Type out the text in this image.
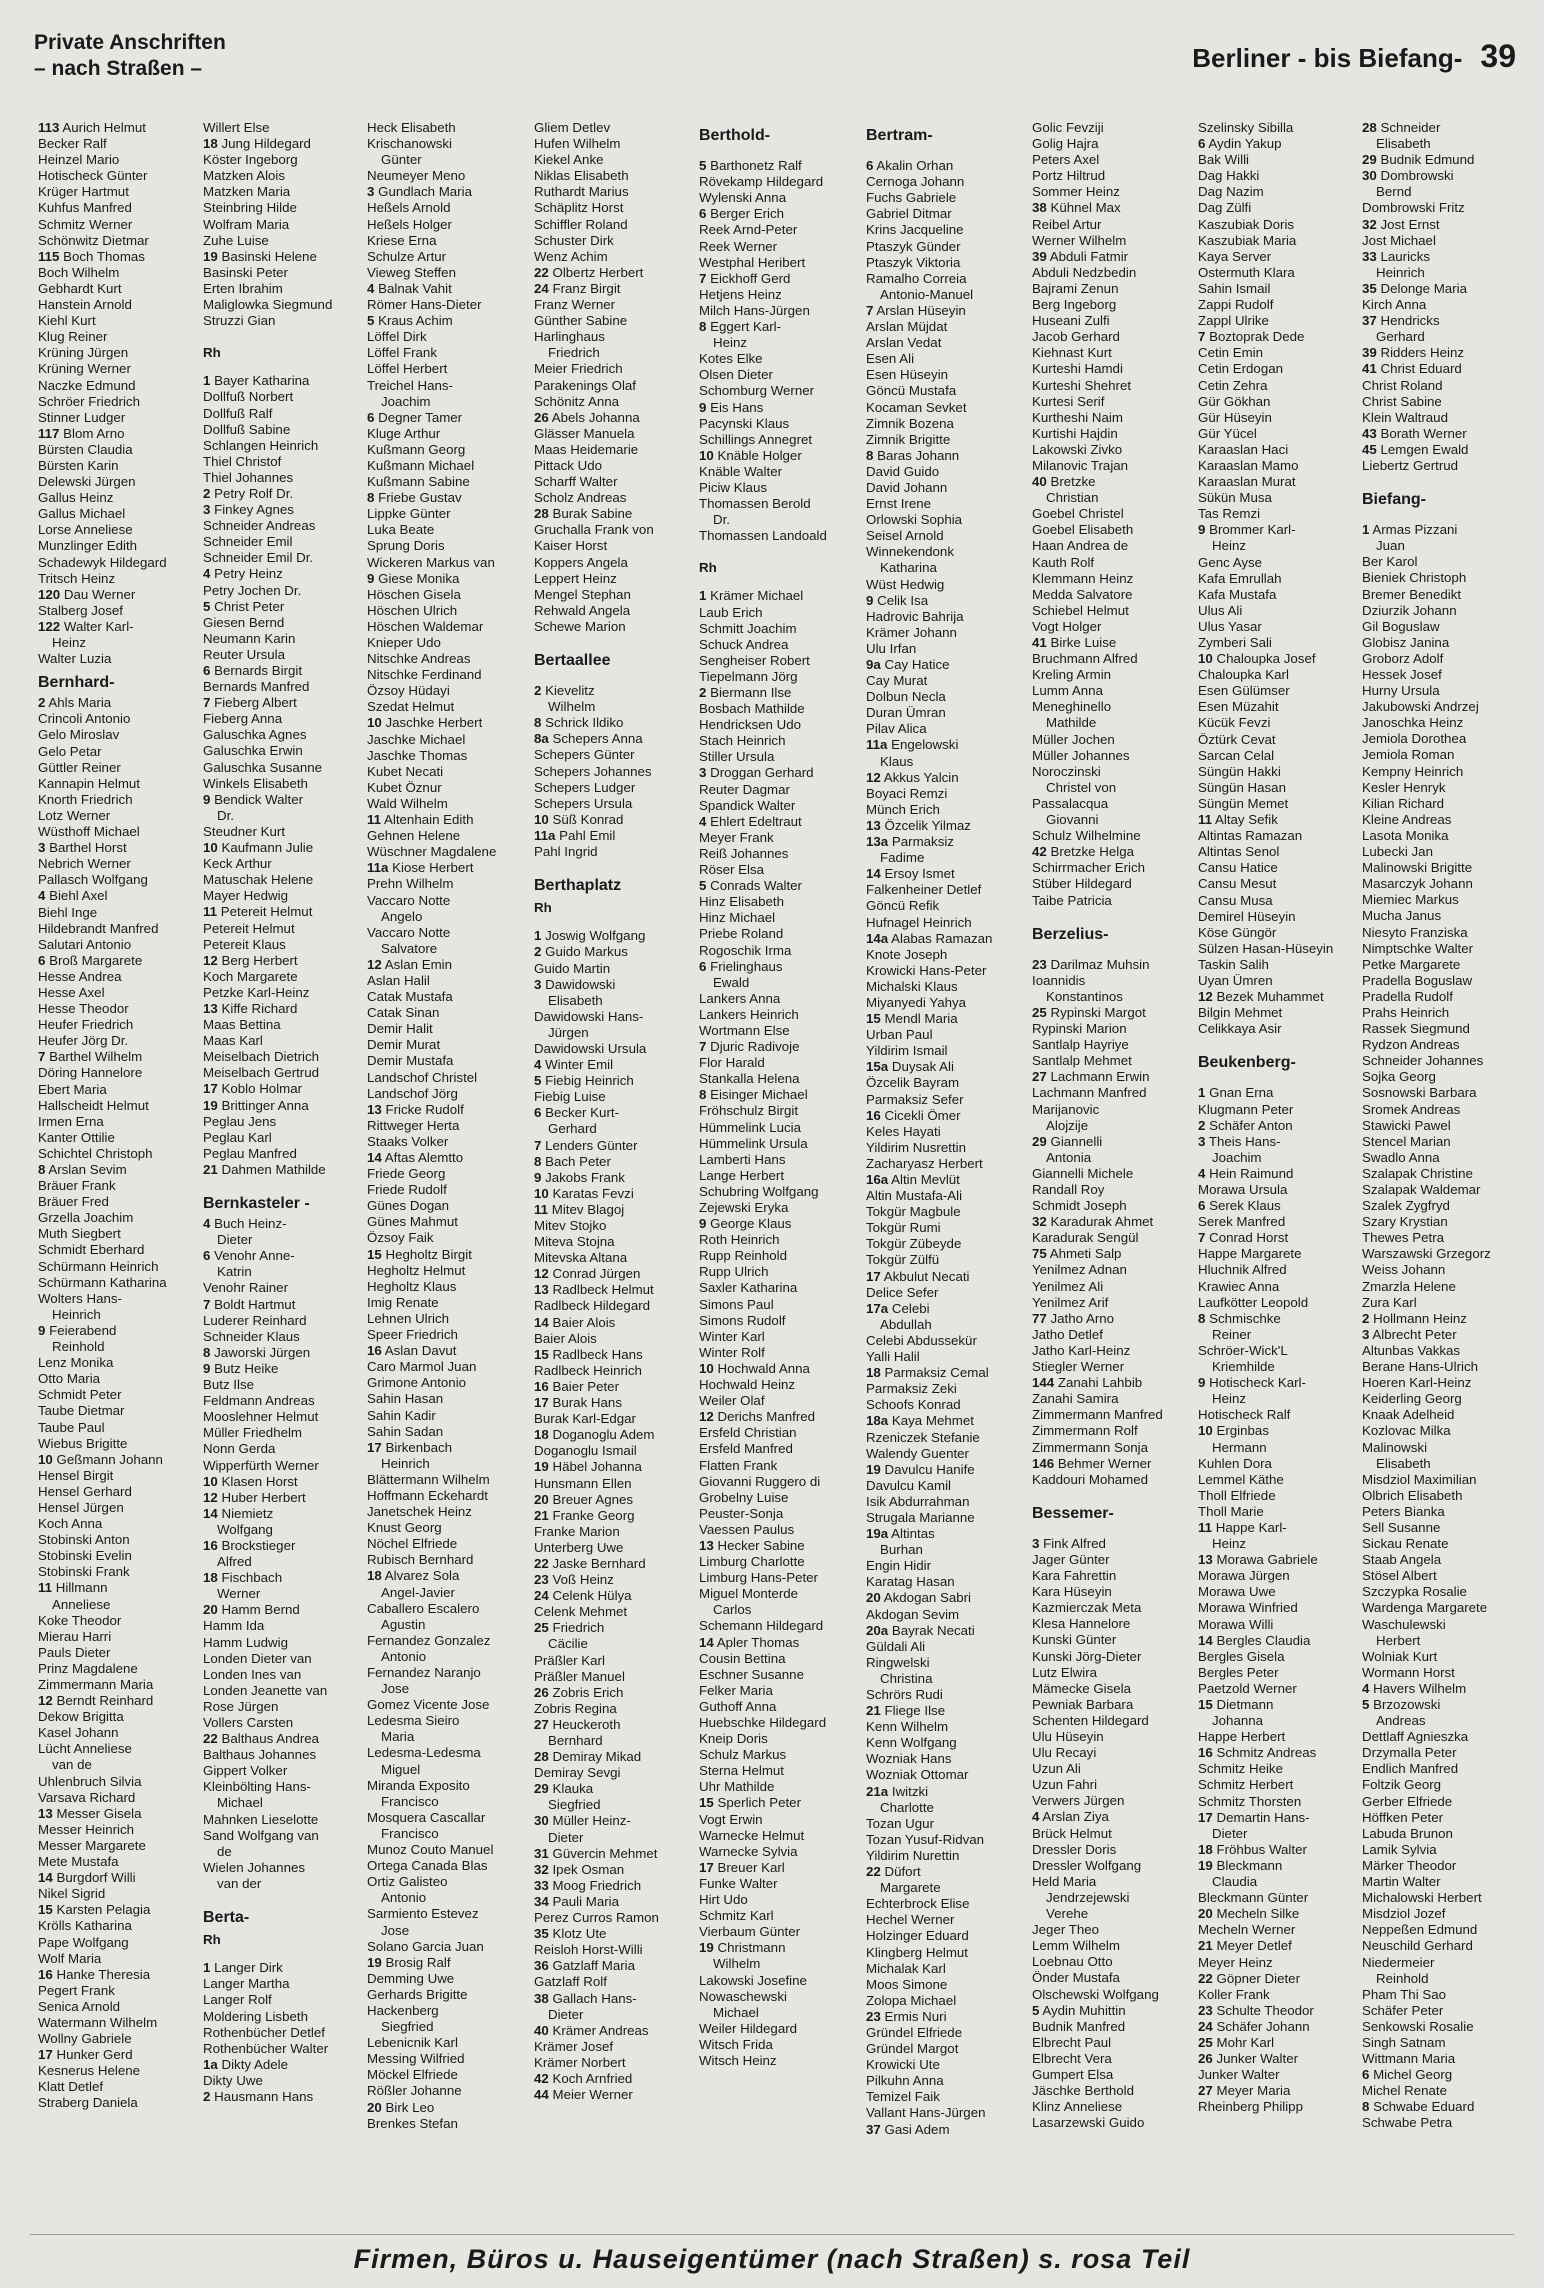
Private Anschriften
– nach Straßen –	Berliner - bis Biefang- 39
113 Aurich Helmut
Becker Ralf
Heinzel Mario
Hotischeck Günter
Krüger Hartmut
Kuhfus Manfred
Schmitz Werner
Schönwitz Dietmar
115 Boch Thomas
Boch Wilhelm
Gebhardt Kurt
Hanstein Arnold
Kiehl Kurt
Klug Reiner
Krüning Jürgen
Krüning Werner
Naczke Edmund
Schröer Friedrich
Stinner Ludger
117 Blom Arno
Bürsten Claudia
Bürsten Karin
Delewski Jürgen
Gallus Heinz
Gallus Michael
Lorse Anneliese
Munzlinger Edith
Schadewyk Hildegard
Tritsch Heinz
120 Dau Werner
Stalberg Josef
122 Walter Karl-
Heinz
Walter Luzia
Bernhard-
2 Ahls Maria
Crincoli Antonio
Gelo Miroslav
Gelo Petar
Güttler Reiner
Kannapin Helmut
Knorth Friedrich
Lotz Werner
Wüsthoff Michael
3 Barthel Horst
Nebrich Werner
Pallasch Wolfgang
4 Biehl Axel
Biehl Inge
Hildebrandt Manfred
Salutari Antonio
6 Broß Margarete
Hesse Andrea
Hesse Axel
Hesse Theodor
Heufer Friedrich
Heufer Jörg Dr.
7 Barthel Wilhelm
Döring Hannelore
Ebert Maria
Hallscheidt Helmut
Irmen Erna
Kanter Ottilie
Schichtel Christoph
8 Arslan Sevim
Bräuer Frank
Bräuer Fred
Grzella Joachim
Muth Siegbert
Schmidt Eberhard
Schürmann Heinrich
Schürmann Katharina
Wolters Hans-
Heinrich
9 Feierabend
Reinhold
Lenz Monika
Otto Maria
Schmidt Peter
Taube Dietmar
Taube Paul
Wiebus Brigitte
10 Geßmann Johann
Hensel Birgit
Hensel Gerhard
Hensel Jürgen
Koch Anna
Stobinski Anton
Stobinski Evelin
Stobinski Frank
11 Hillmann
Anneliese
Koke Theodor
Mierau Harri
Pauls Dieter
Prinz Magdalene
Zimmermann Maria
12 Berndt Reinhard
Dekow Brigitta
Kasel Johann
Lücht Anneliese
van de
Uhlenbruch Silvia
Varsava Richard
13 Messer Gisela
Messer Heinrich
Messer Margarete
Mete Mustafa
14 Burgdorf Willi
Nikel Sigrid
15 Karsten Pelagia
Krölls Katharina
Pape Wolfgang
Wolf Maria
16 Hanke Theresia
Pegert Frank
Senica Arnold
Watermann Wilhelm
Wollny Gabriele
17 Hunker Gerd
Kesnerus Helene
Klatt Detlef
Straberg Daniela
Willert Else
18 Jung Hildegard
Köster Ingeborg
Matzken Alois
Matzken Maria
Steinbring Hilde
Wolfram Maria
Zuhe Luise
19 Basinski Helene
Basinski Peter
Erten Ibrahim
Maliglowka Siegmund
Struzzi Gian
Rh
1 Bayer Katharina
Dollfuß Norbert
Dollfuß Ralf
Dollfuß Sabine
Schlangen Heinrich
Thiel Christof
Thiel Johannes
2 Petry Rolf Dr.
3 Finkey Agnes
Schneider Andreas
Schneider Emil
Schneider Emil Dr.
4 Petry Heinz
Petry Jochen Dr.
5 Christ Peter
Giesen Bernd
Neumann Karin
Reuter Ursula
6 Bernards Birgit
Bernards Manfred
7 Fieberg Albert
Fieberg Anna
Galuschka Agnes
Galuschka Erwin
Galuschka Susanne
Winkels Elisabeth
9 Bendick Walter
Dr.
Steudner Kurt
10 Kaufmann Julie
Keck Arthur
Matuschak Helene
Mayer Hedwig
11 Petereit Helmut
Petereit Helmut
Petereit Klaus
12 Berg Herbert
Koch Margarete
Petzke Karl-Heinz
13 Kiffe Richard
Maas Bettina
Maas Karl
Meiselbach Dietrich
Meiselbach Gertrud
17 Koblo Holmar
19 Brittinger Anna
Peglau Jens
Peglau Karl
Peglau Manfred
21 Dahmen Mathilde
Bernkasteler -
4 Buch Heinz-
Dieter
6 Venohr Anne-
Katrin
Venohr Rainer
7 Boldt Hartmut
Luderer Reinhard
Schneider Klaus
8 Jaworski Jürgen
9 Butz Heike
Butz Ilse
Feldmann Andreas
Mooslehner Helmut
Müller Friedhelm
Nonn Gerda
Wipperfürth Werner
10 Klasen Horst
12 Huber Herbert
14 Niemietz
Wolfgang
16 Brockstieger
Alfred
18 Fischbach
Werner
20 Hamm Bernd
Hamm Ida
Hamm Ludwig
Londen Dieter van
Londen Ines van
Londen Jeanette van
Rose Jürgen
Vollers Carsten
22 Balthaus Andrea
Balthaus Johannes
Gippert Volker
Kleinbölting Hans-
Michael
Mahnken Lieselotte
Sand Wolfgang van
de
Wielen Johannes
van der
Berta-
Rh
1 Langer Dirk
Langer Martha
Langer Rolf
Moldering Lisbeth
Rothenbücher Detlef
Rothenbücher Walter
1a Dikty Adele
Dikty Uwe
2 Hausmann Hans
Heck Elisabeth
Krischanowski
Günter
Neumeyer Meno
3 Gundlach Maria
Heßels Arnold
Heßels Holger
Kriese Erna
Schulze Artur
Vieweg Steffen
4 Balnak Vahit
Römer Hans-Dieter
5 Kraus Achim
Löffel Dirk
Löffel Frank
Löffel Herbert
Treichel Hans-
Joachim
6 Degner Tamer
Kluge Arthur
Kußmann Georg
Kußmann Michael
Kußmann Sabine
8 Friebe Gustav
Lippke Günter
Luka Beate
Sprung Doris
Wickeren Markus van
9 Giese Monika
Höschen Gisela
Höschen Ulrich
Höschen Waldemar
Knieper Udo
Nitschke Andreas
Nitschke Ferdinand
Özsoy Hüdayi
Szedat Helmut
10 Jaschke Herbert
Jaschke Michael
Jaschke Thomas
Kubet Necati
Kubet Öznur
Wald Wilhelm
11 Altenhain Edith
Gehnen Helene
Wüschner Magdalene
11a Kiose Herbert
Prehn Wilhelm
Vaccaro Notte
Angelo
Vaccaro Notte
Salvatore
12 Aslan Emin
Aslan Halil
Catak Mustafa
Catak Sinan
Demir Halit
Demir Murat
Demir Mustafa
Landschof Christel
Landschof Jörg
13 Fricke Rudolf
Rittweger Herta
Staaks Volker
14 Aftas Alemtto
Friede Georg
Friede Rudolf
Günes Dogan
Günes Mahmut
Özsoy Faik
15 Hegholtz Birgit
Hegholtz Helmut
Hegholtz Klaus
Imig Renate
Lehnen Ulrich
Speer Friedrich
16 Aslan Davut
Caro Marmol Juan
Grimone Antonio
Sahin Hasan
Sahin Kadir
Sahin Sadan
17 Birkenbach
Heinrich
Blättermann Wilhelm
Hoffmann Eckehardt
Janetschek Heinz
Knust Georg
Nöchel Elfriede
Rubisch Bernhard
18 Alvarez Sola
Angel-Javier
Caballero Escalero
Agustin
Fernandez Gonzalez
Antonio
Fernandez Naranjo
Jose
Gomez Vicente Jose
Ledesma Sieiro
Maria
Ledesma-Ledesma
Miguel
Miranda Exposito
Francisco
Mosquera Cascallar
Francisco
Munoz Couto Manuel
Ortega Canada Blas
Ortiz Galisteo
Antonio
Sarmiento Estevez
Jose
Solano Garcia Juan
19 Brosig Ralf
Demming Uwe
Gerhards Brigitte
Hackenberg
Siegfried
Lebenicnik Karl
Messing Wilfried
Möckel Elfriede
Rößler Johanne
20 Birk Leo
Brenkes Stefan
Gliem Detlev
Hufen Wilhelm
Kiekel Anke
Niklas Elisabeth
Ruthardt Marius
Schäplitz Horst
Schiffler Roland
Schuster Dirk
Wenz Achim
22 Olbertz Herbert
24 Franz Birgit
Franz Werner
Günther Sabine
Harlinghaus
Friedrich
Meier Friedrich
Parakenings Olaf
Schönitz Anna
26 Abels Johanna
Glässer Manuela
Maas Heidemarie
Pittack Udo
Scharff Walter
Scholz Andreas
28 Burak Sabine
Gruchalla Frank von
Kaiser Horst
Koppers Angela
Leppert Heinz
Mengel Stephan
Rehwald Angela
Schewe Marion
Bertaallee
2 Kievelitz
Wilhelm
8 Schrick Ildiko
8a Schepers Anna
Schepers Günter
Schepers Johannes
Schepers Ludger
Schepers Ursula
10 Süß Konrad
11a Pahl Emil
Pahl Ingrid
Berthaplatz
Rh
1 Joswig Wolfgang
2 Guido Markus
Guido Martin
3 Dawidowski
Elisabeth
Dawidowski Hans-
Jürgen
Dawidowski Ursula
4 Winter Emil
5 Fiebig Heinrich
Fiebig Luise
6 Becker Kurt-
Gerhard
7 Lenders Günter
8 Bach Peter
9 Jakobs Frank
10 Karatas Fevzi
11 Mitev Blagoj
Mitev Stojko
Miteva Stojna
Mitevska Altana
12 Conrad Jürgen
13 Radlbeck Helmut
Radlbeck Hildegard
14 Baier Alois
Baier Alois
15 Radlbeck Hans
Radlbeck Heinrich
16 Baier Peter
17 Burak Hans
Burak Karl-Edgar
18 Doganoglu Adem
Doganoglu Ismail
19 Häbel Johanna
Hunsmann Ellen
20 Breuer Agnes
21 Franke Georg
Franke Marion
Unterberg Uwe
22 Jaske Bernhard
23 Voß Heinz
24 Celenk Hülya
Celenk Mehmet
25 Friedrich
Cäcilie
Präßler Karl
Präßler Manuel
26 Zobris Erich
Zobris Regina
27 Heuckeroth
Bernhard
28 Demiray Mikad
Demiray Sevgi
29 Klauka
Siegfried
30 Müller Heinz-
Dieter
31 Güvercin Mehmet
32 Ipek Osman
33 Moog Friedrich
34 Pauli Maria
Perez Curros Ramon
35 Klotz Ute
Reisloh Horst-Willi
36 Gatzlaff Maria
Gatzlaff Rolf
38 Gallach Hans-
Dieter
40 Krämer Andreas
Krämer Josef
Krämer Norbert
42 Koch Arnfried
44 Meier Werner
Berthold-
5 Barthonetz Ralf
Rövekamp Hildegard
Wylenski Anna
6 Berger Erich
Reek Arnd-Peter
Reek Werner
Westphal Heribert
7 Eickhoff Gerd
Hetjens Heinz
Milch Hans-Jürgen
8 Eggert Karl-
Heinz
Kotes Elke
Olsen Dieter
Schomburg Werner
9 Eis Hans
Pacynski Klaus
Schillings Annegret
10 Knäble Holger
Knäble Walter
Piciw Klaus
Thomassen Berold
Dr.
Thomassen Landoald
Rh
1 Krämer Michael
Laub Erich
Schmitt Joachim
Schuck Andrea
Sengheiser Robert
Tiepelmann Jörg
2 Biermann Ilse
Bosbach Mathilde
Hendricksen Udo
Stach Heinrich
Stiller Ursula
3 Droggan Gerhard
Reuter Dagmar
Spandick Walter
4 Ehlert Edeltraut
Meyer Frank
Reiß Johannes
Röser Elsa
5 Conrads Walter
Hinz Elisabeth
Hinz Michael
Priebe Roland
Rogoschik Irma
6 Frielinghaus
Ewald
Lankers Anna
Lankers Heinrich
Wortmann Else
7 Djuric Radivoje
Flor Harald
Stankalla Helena
8 Eisinger Michael
Fröhschulz Birgit
Hümmelink Lucia
Hümmelink Ursula
Lamberti Hans
Lange Herbert
Schubring Wolfgang
Zejewski Eryka
9 George Klaus
Roth Heinrich
Rupp Reinhold
Rupp Ulrich
Saxler Katharina
Simons Paul
Simons Rudolf
Winter Karl
Winter Rolf
10 Hochwald Anna
Hochwald Heinz
Weiler Olaf
12 Derichs Manfred
Ersfeld Christian
Ersfeld Manfred
Flatten Frank
Giovanni Ruggero di
Grobelny Luise
Peuster-Sonja
Vaessen Paulus
13 Hecker Sabine
Limburg Charlotte
Limburg Hans-Peter
Miguel Monterde
Carlos
Schemann Hildegard
14 Apler Thomas
Cousin Bettina
Eschner Susanne
Felker Maria
Guthoff Anna
Huebschke Hildegard
Kneip Doris
Schulz Markus
Sterna Helmut
Uhr Mathilde
15 Sperlich Peter
Vogt Erwin
Warnecke Helmut
Warnecke Sylvia
17 Breuer Karl
Funke Walter
Hirt Udo
Schmitz Karl
Vierbaum Günter
19 Christmann
Wilhelm
Lakowski Josefine
Nowaschewski
Michael
Weiler Hildegard
Witsch Frida
Witsch Heinz
Bertram-
6 Akalin Orhan
Cernoga Johann
Fuchs Gabriele
Gabriel Ditmar
Krins Jacqueline
Ptaszyk Günder
Ptaszyk Viktoria
Ramalho Correia
Antonio-Manuel
7 Arslan Hüseyin
Arslan Müjdat
Arslan Vedat
Esen Ali
Esen Hüseyin
Göncü Mustafa
Kocaman Sevket
Zimnik Bozena
Zimnik Brigitte
8 Baras Johann
David Guido
David Johann
Ernst Irene
Orlowski Sophia
Seisel Arnold
Winnekendonk
Katharina
Wüst Hedwig
9 Celik Isa
Hadrovic Bahrija
Krämer Johann
Ulu Irfan
9a Cay Hatice
Cay Murat
Dolbun Necla
Duran Ümran
Pilav Alica
11a Engelowski
Klaus
12 Akkus Yalcin
Boyaci Remzi
Münch Erich
13 Özcelik Yilmaz
13a Parmaksiz
Fadime
14 Ersoy Ismet
Falkenheiner Detlef
Göncü Refik
Hufnagel Heinrich
14a Alabas Ramazan
Knote Joseph
Krowicki Hans-Peter
Michalski Klaus
Miyanyedi Yahya
15 Mendl Maria
Urban Paul
Yildirim Ismail
15a Duysak Ali
Özcelik Bayram
Parmaksiz Sefer
16 Cicekli Ömer
Keles Hayati
Yildirim Nusrettin
Zacharyasz Herbert
16a Altin Mevlüt
Altin Mustafa-Ali
Tokgür Magbule
Tokgür Rumi
Tokgür Zübeyde
Tokgür Zülfü
17 Akbulut Necati
Delice Sefer
17a Celebi
Abdullah
Celebi Abdussekür
Yalli Halil
18 Parmaksiz Cemal
Parmaksiz Zeki
Schoofs Konrad
18a Kaya Mehmet
Rzeniczek Stefanie
Walendy Guenter
19 Davulcu Hanife
Davulcu Kamil
Isik Abdurrahman
Strugala Marianne
19a Altintas
Burhan
Engin Hidir
Karatag Hasan
20 Akdogan Sabri
Akdogan Sevim
20a Bayrak Necati
Güldali Ali
Ringwelski
Christina
Schrörs Rudi
21 Fliege Ilse
Kenn Wilhelm
Kenn Wolfgang
Wozniak Hans
Wozniak Ottomar
21a Iwitzki
Charlotte
Tozan Ugur
Tozan Yusuf-Ridvan
Yildirim Nurettin
22 Düfort
Margarete
Echterbrock Elise
Hechel Werner
Holzinger Eduard
Klingberg Helmut
Michalak Karl
Moos Simone
Zolopa Michael
23 Ermis Nuri
Gründel Elfriede
Gründel Margot
Krowicki Ute
Pilkuhn Anna
Temizel Faik
Vallant Hans-Jürgen
37 Gasi Adem
Golic Fevziji
Golig Hajra
Peters Axel
Portz Hiltrud
Sommer Heinz
38 Kühnel Max
Reibel Artur
Werner Wilhelm
39 Abduli Fatmir
Abduli Nedzbedin
Bajrami Zenun
Berg Ingeborg
Huseani Zulfi
Jacob Gerhard
Kiehnast Kurt
Kurteshi Hamdi
Kurteshi Shehret
Kurtesi Serif
Kurtheshi Naim
Kurtishi Hajdin
Lakowski Zivko
Milanovic Trajan
40 Bretzke
Christian
Goebel Christel
Goebel Elisabeth
Haan Andrea de
Kauth Rolf
Klemmann Heinz
Medda Salvatore
Schiebel Helmut
Vogt Holger
41 Birke Luise
Bruchmann Alfred
Kreling Armin
Lumm Anna
Meneghinello
Mathilde
Müller Jochen
Müller Johannes
Noroczinski
Christel von
Passalacqua
Giovanni
Schulz Wilhelmine
42 Bretzke Helga
Schirrmacher Erich
Stüber Hildegard
Taibe Patricia
Berzelius-
23 Darilmaz Muhsin
Ioannidis
Konstantinos
25 Rypinski Margot
Rypinski Marion
Santlalp Hayriye
Santlalp Mehmet
27 Lachmann Erwin
Lachmann Manfred
Marijanovic
Alojzije
29 Giannelli
Antonia
Giannelli Michele
Randall Roy
Schmidt Joseph
32 Karadurak Ahmet
Karadurak Sengül
75 Ahmeti Salp
Yenilmez Adnan
Yenilmez Ali
Yenilmez Arif
77 Jatho Arno
Jatho Detlef
Jatho Karl-Heinz
Stiegler Werner
144 Zanahi Lahbib
Zanahi Samira
Zimmermann Manfred
Zimmermann Rolf
Zimmermann Sonja
146 Behmer Werner
Kaddouri Mohamed
Bessemer-
3 Fink Alfred
Jager Günter
Kara Fahrettin
Kara Hüseyin
Kazmierczak Meta
Klesa Hannelore
Kunski Günter
Kunski Jörg-Dieter
Lutz Elwira
Mämecke Gisela
Pewniak Barbara
Schenten Hildegard
Ulu Hüseyin
Ulu Recayi
Uzun Ali
Uzun Fahri
Verwers Jürgen
4 Arslan Ziya
Brück Helmut
Dressler Doris
Dressler Wolfgang
Held Maria
Jendrzejewski
Verehe
Jeger Theo
Lemm Wilhelm
Loebnau Otto
Önder Mustafa
Olschewski Wolfgang
5 Aydin Muhittin
Budnik Manfred
Elbrecht Paul
Elbrecht Vera
Gumpert Elsa
Jäschke Berthold
Klinz Anneliese
Lasarzewski Guido
Szelinsky Sibilla
6 Aydin Yakup
Bak Willi
Dag Hakki
Dag Nazim
Dag Zülfi
Kaszubiak Doris
Kaszubiak Maria
Kaya Server
Ostermuth Klara
Sahin Ismail
Zappi Rudolf
Zappl Ulrike
7 Boztoprak Dede
Cetin Emin
Cetin Erdogan
Cetin Zehra
Gür Gökhan
Gür Hüseyin
Gür Yücel
Karaaslan Haci
Karaaslan Mamo
Karaaslan Murat
Sükün Musa
Tas Remzi
9 Brommer Karl-
Heinz
Genc Ayse
Kafa Emrullah
Kafa Mustafa
Ulus Ali
Ulus Yasar
Zymberi Sali
10 Chaloupka Josef
Chaloupka Karl
Esen Gülümser
Esen Müzahit
Kücük Fevzi
Öztürk Cevat
Sarcan Celal
Süngün Hakki
Süngün Hasan
Süngün Memet
11 Altay Sefik
Altintas Ramazan
Altintas Senol
Cansu Hatice
Cansu Mesut
Cansu Musa
Demirel Hüseyin
Köse Güngör
Sülzen Hasan-Hüseyin
Taskin Salih
Uyan Ümren
12 Bezek Muhammet
Bilgin Mehmet
Celikkaya Asir
Beukenberg-
1 Gnan Erna
Klugmann Peter
2 Schäfer Anton
3 Theis Hans-
Joachim
4 Hein Raimund
Morawa Ursula
6 Serek Klaus
Serek Manfred
7 Conrad Horst
Happe Margarete
Hluchnik Alfred
Krawiec Anna
Laufkötter Leopold
8 Schmischke
Reiner
Schröer-Wick'L
Kriemhilde
9 Hotischeck Karl-
Heinz
Hotischeck Ralf
10 Erginbas
Hermann
Kuhlen Dora
Lemmel Käthe
Tholl Elfriede
Tholl Marie
11 Happe Karl-
Heinz
13 Morawa Gabriele
Morawa Jürgen
Morawa Uwe
Morawa Winfried
Morawa Willi
14 Bergles Claudia
Bergles Gisela
Bergles Peter
Paetzold Werner
15 Dietmann
Johanna
Happe Herbert
16 Schmitz Andreas
Schmitz Heike
Schmitz Herbert
Schmitz Thorsten
17 Demartin Hans-
Dieter
18 Fröhbus Walter
19 Bleckmann
Claudia
Bleckmann Günter
20 Mecheln Silke
Mecheln Werner
21 Meyer Detlef
Meyer Heinz
22 Göpner Dieter
Koller Frank
23 Schulte Theodor
24 Schäfer Johann
25 Mohr Karl
26 Junker Walter
Junker Walter
27 Meyer Maria
Rheinberg Philipp
28 Schneider
Elisabeth
29 Budnik Edmund
30 Dombrowski
Bernd
Dombrowski Fritz
32 Jost Ernst
Jost Michael
33 Lauricks
Heinrich
35 Delonge Maria
Kirch Anna
37 Hendricks
Gerhard
39 Ridders Heinz
41 Christ Eduard
Christ Roland
Christ Sabine
Klein Waltraud
43 Borath Werner
45 Lemgen Ewald
Liebertz Gertrud
Biefang-
1 Armas Pizzani
Juan
Ber Karol
Bieniek Christoph
Bremer Benedikt
Dziurzik Johann
Gil Boguslaw
Globisz Janina
Groborz Adolf
Hessek Josef
Hurny Ursula
Jakubowski Andrzej
Janoschka Heinz
Jemiola Dorothea
Jemiola Roman
Kempny Heinrich
Kesler Henryk
Kilian Richard
Kleine Andreas
Lasota Monika
Lubecki Jan
Malinowski Brigitte
Masarczyk Johann
Miemiec Markus
Mucha Janus
Niesyto Franziska
Nimptschke Walter
Petke Margarete
Pradella Boguslaw
Pradella Rudolf
Prahs Heinrich
Rassek Siegmund
Rydzon Andreas
Schneider Johannes
Sojka Georg
Sosnowski Barbara
Sromek Andreas
Stawicki Pawel
Stencel Marian
Swadlo Anna
Szalapak Christine
Szalapak Waldemar
Szalek Zygfryd
Szary Krystian
Thewes Petra
Warszawski Grzegorz
Weiss Johann
Zmarzla Helene
Zura Karl
2 Hollmann Heinz
3 Albrecht Peter
Altunbas Vakkas
Berane Hans-Ulrich
Hoeren Karl-Heinz
Keiderling Georg
Knaak Adelheid
Kozlovac Milka
Malinowski
Elisabeth
Misdziol Maximilian
Olbrich Elisabeth
Peters Bianka
Sell Susanne
Sickau Renate
Staab Angela
Stösel Albert
Szczypka Rosalie
Wardenga Margarete
Waschulewski
Herbert
Wolniak Kurt
Wormann Horst
4 Havers Wilhelm
5 Brzozowski
Andreas
Dettlaff Agnieszka
Drzymalla Peter
Endlich Manfred
Foltzik Georg
Gerber Elfriede
Höffken Peter
Labuda Brunon
Lamik Sylvia
Märker Theodor
Martin Walter
Michalowski Herbert
Misdziol Jozef
Neppeßen Edmund
Neuschild Gerhard
Niedermeier
Reinhold
Pham Thi Sao
Schäfer Peter
Senkowski Rosalie
Singh Satnam
Wittmann Maria
6 Michel Georg
Michel Renate
8 Schwabe Eduard
Schwabe Petra
Firmen, Büros u. Hauseigentümer (nach Straßen) s. rosa Teil
